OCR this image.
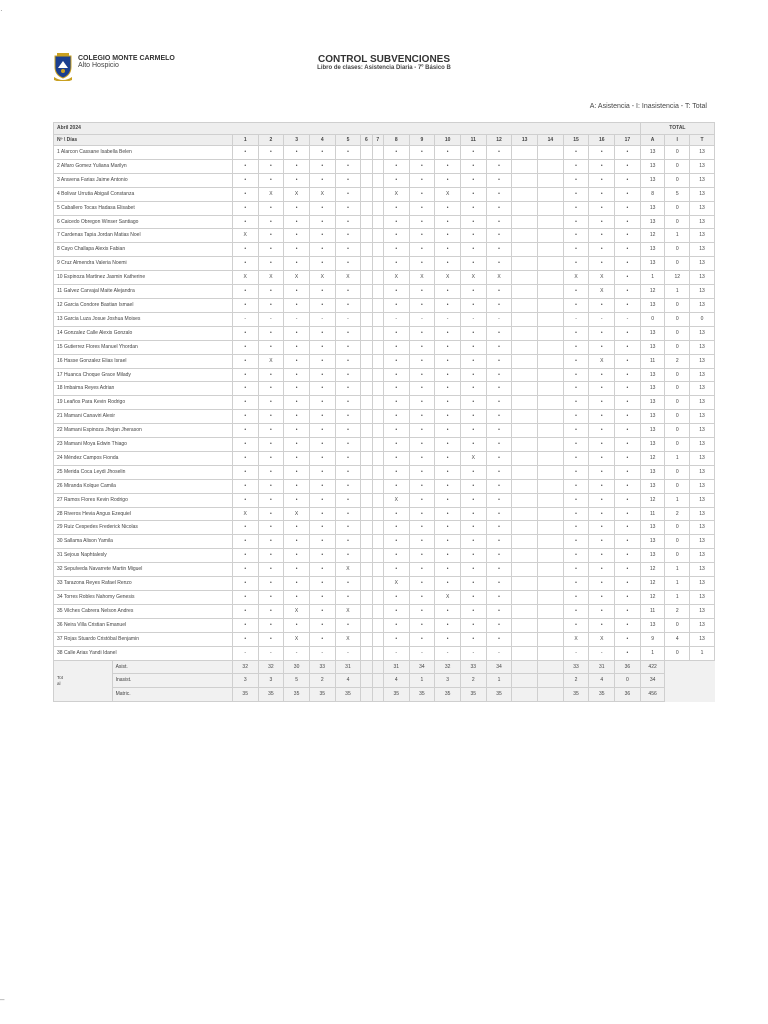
·
COLEGIO MONTE CARMELO
Alto Hospicio
CONTROL SUBVENCIONES
Libro de clases: Asistencia Diaria - 7º Básico B
A: Asistencia - I: Inasistencia - T: Total
Abril 2024																			TOTAL		
Nº \ Días		1	2	3	4	5	6	7	8	9	10	11	12	13	14	15	16	17	A	I	T
1 Alarcon Cassane Isabella Belen		•	•	•	•	•			•	•	•	•	•			•	•	•	13	0	13
2 Alfaro Gomez Yuliana Marilyn		•	•	•	•	•			•	•	•	•	•			•	•	•	13	0	13
3 Aravena Farias Jaime Antonio		•	•	•	•	•			•	•	•	•	•			•	•	•	13	0	13
4 Bolivar Urrutia Abigail Constanza		•	X	X	X	•			X	•	X	•	•			•	•	•	8	5	13
5 Caballero Tocas Hadasa Elisabet		•	•	•	•	•			•	•	•	•	•			•	•	•	13	0	13
6 Caicedo Obregon Winser Santiago		•	•	•	•	•			•	•	•	•	•			•	•	•	13	0	13
7 Cardenas Tapia Jordan Matias Noel		X	•	•	•	•			•	•	•	•	•			•	•	•	12	1	13
8 Cayo Challapa Alexis Fabian		•	•	•	•	•			•	•	•	•	•			•	•	•	13	0	13
9 Cruz Almendra Valeria Noemi		•	•	•	•	•			•	•	•	•	•			•	•	•	13	0	13
10 Espinoza Martinez Jasmin Katherine		X	X	X	X	X			X	X	X	X	X			X	X	•	1	12	13
11 Galvez Carvajal Maite Alejandra		•	•	•	•	•			•	•	•	•	•			•	X	•	12	1	13
12 Garcia Condore Bastian Ismael		•	•	•	•	•			•	•	•	•	•			•	•	•	13	0	13
13 Garcia Luza Josue Joshua Moises		-	-	-	-	-			-	-	-	-	-			-	-	-	0	0	0
14 Gonzalez Calle Alexis Gonzalo		•	•	•	•	•			•	•	•	•	•			•	•	•	13	0	13
15 Gutierrez Flores Manuel Yhordan		•	•	•	•	•			•	•	•	•	•			•	•	•	13	0	13
16 Hasse Gonzalez Elias Israel		•	X	•	•	•			•	•	•	•	•			•	X	•	11	2	13
17 Huanca Choque Grace Milady		•	•	•	•	•			•	•	•	•	•			•	•	•	13	0	13
18 Imbaima Reyes Adrian		•	•	•	•	•			•	•	•	•	•			•	•	•	13	0	13
19 Leaños Para Kevin Rodrigo		•	•	•	•	•			•	•	•	•	•			•	•	•	13	0	13
21 Mamani Canaviri Alexir		•	•	•	•	•			•	•	•	•	•			•	•	•	13	0	13
22 Mamani Espinoza Jhojan Jherason		•	•	•	•	•			•	•	•	•	•			•	•	•	13	0	13
23 Mamani Moya Edwin Thiago		•	•	•	•	•			•	•	•	•	•			•	•	•	13	0	13
24 Méndez Campos Fionda		•	•	•	•	•			•	•	•	X	•			•	•	•	12	1	13
25 Merida Coca Leydi Jhoselin		•	•	•	•	•			•	•	•	•	•			•	•	•	13	0	13
26 Miranda Kolque Camila		•	•	•	•	•			•	•	•	•	•			•	•	•	13	0	13
27 Ramos Flores Kevin Rodrigo		•	•	•	•	•			X	•	•	•	•			•	•	•	12	1	13
28 Riveros Hevia Angus Ezequiel		X	•	X	•	•			•	•	•	•	•			•	•	•	11	2	13
29 Ruiz Cespedes Frederick Nicolas		•	•	•	•	•			•	•	•	•	•			•	•	•	13	0	13
30 Sallama Alison Yamila		•	•	•	•	•			•	•	•	•	•			•	•	•	13	0	13
31 Sejous Naphtalesly		•	•	•	•	•			•	•	•	•	•			•	•	•	13	0	13
32 Sepulveda Navarrete Martin Miguel		•	•	•	•	X			•	•	•	•	•			•	•	•	12	1	13
33 Tarazona Reyes Rafael Renzo		•	•	•	•	•			X	•	•	•	•			•	•	•	12	1	13
34 Torres Robles Nahomy Genesis		•	•	•	•	•			•	•	X	•	•			•	•	•	12	1	13
35 Vilches Cabrera Nelson Andres		•	•	X	•	X			•	•	•	•	•			•	•	•	11	2	13
36 Neira Villa Cristian Emanuel		•	•	•	•	•			•	•	•	•	•			•	•	•	13	0	13
37 Rojas Stuardo Cristóbal Benjamin		•	•	X	•	X			•	•	•	•	•			X	X	•	9	4	13
38 Calle Arias Yandi Idanel		-	-	-	-	-			-	-	-	-	-			-	-	•	1	0	1

Total	Asist.	32	32	30	33	31			31	34	32	33	34			33	31	36	422		
	Inasist.	3	3	5	2	4			4	1	3	2	1			2	4	0	34		
	Matric.	35	35	35	35	35			35	35	35	35	35			35	35	36	456		
–
